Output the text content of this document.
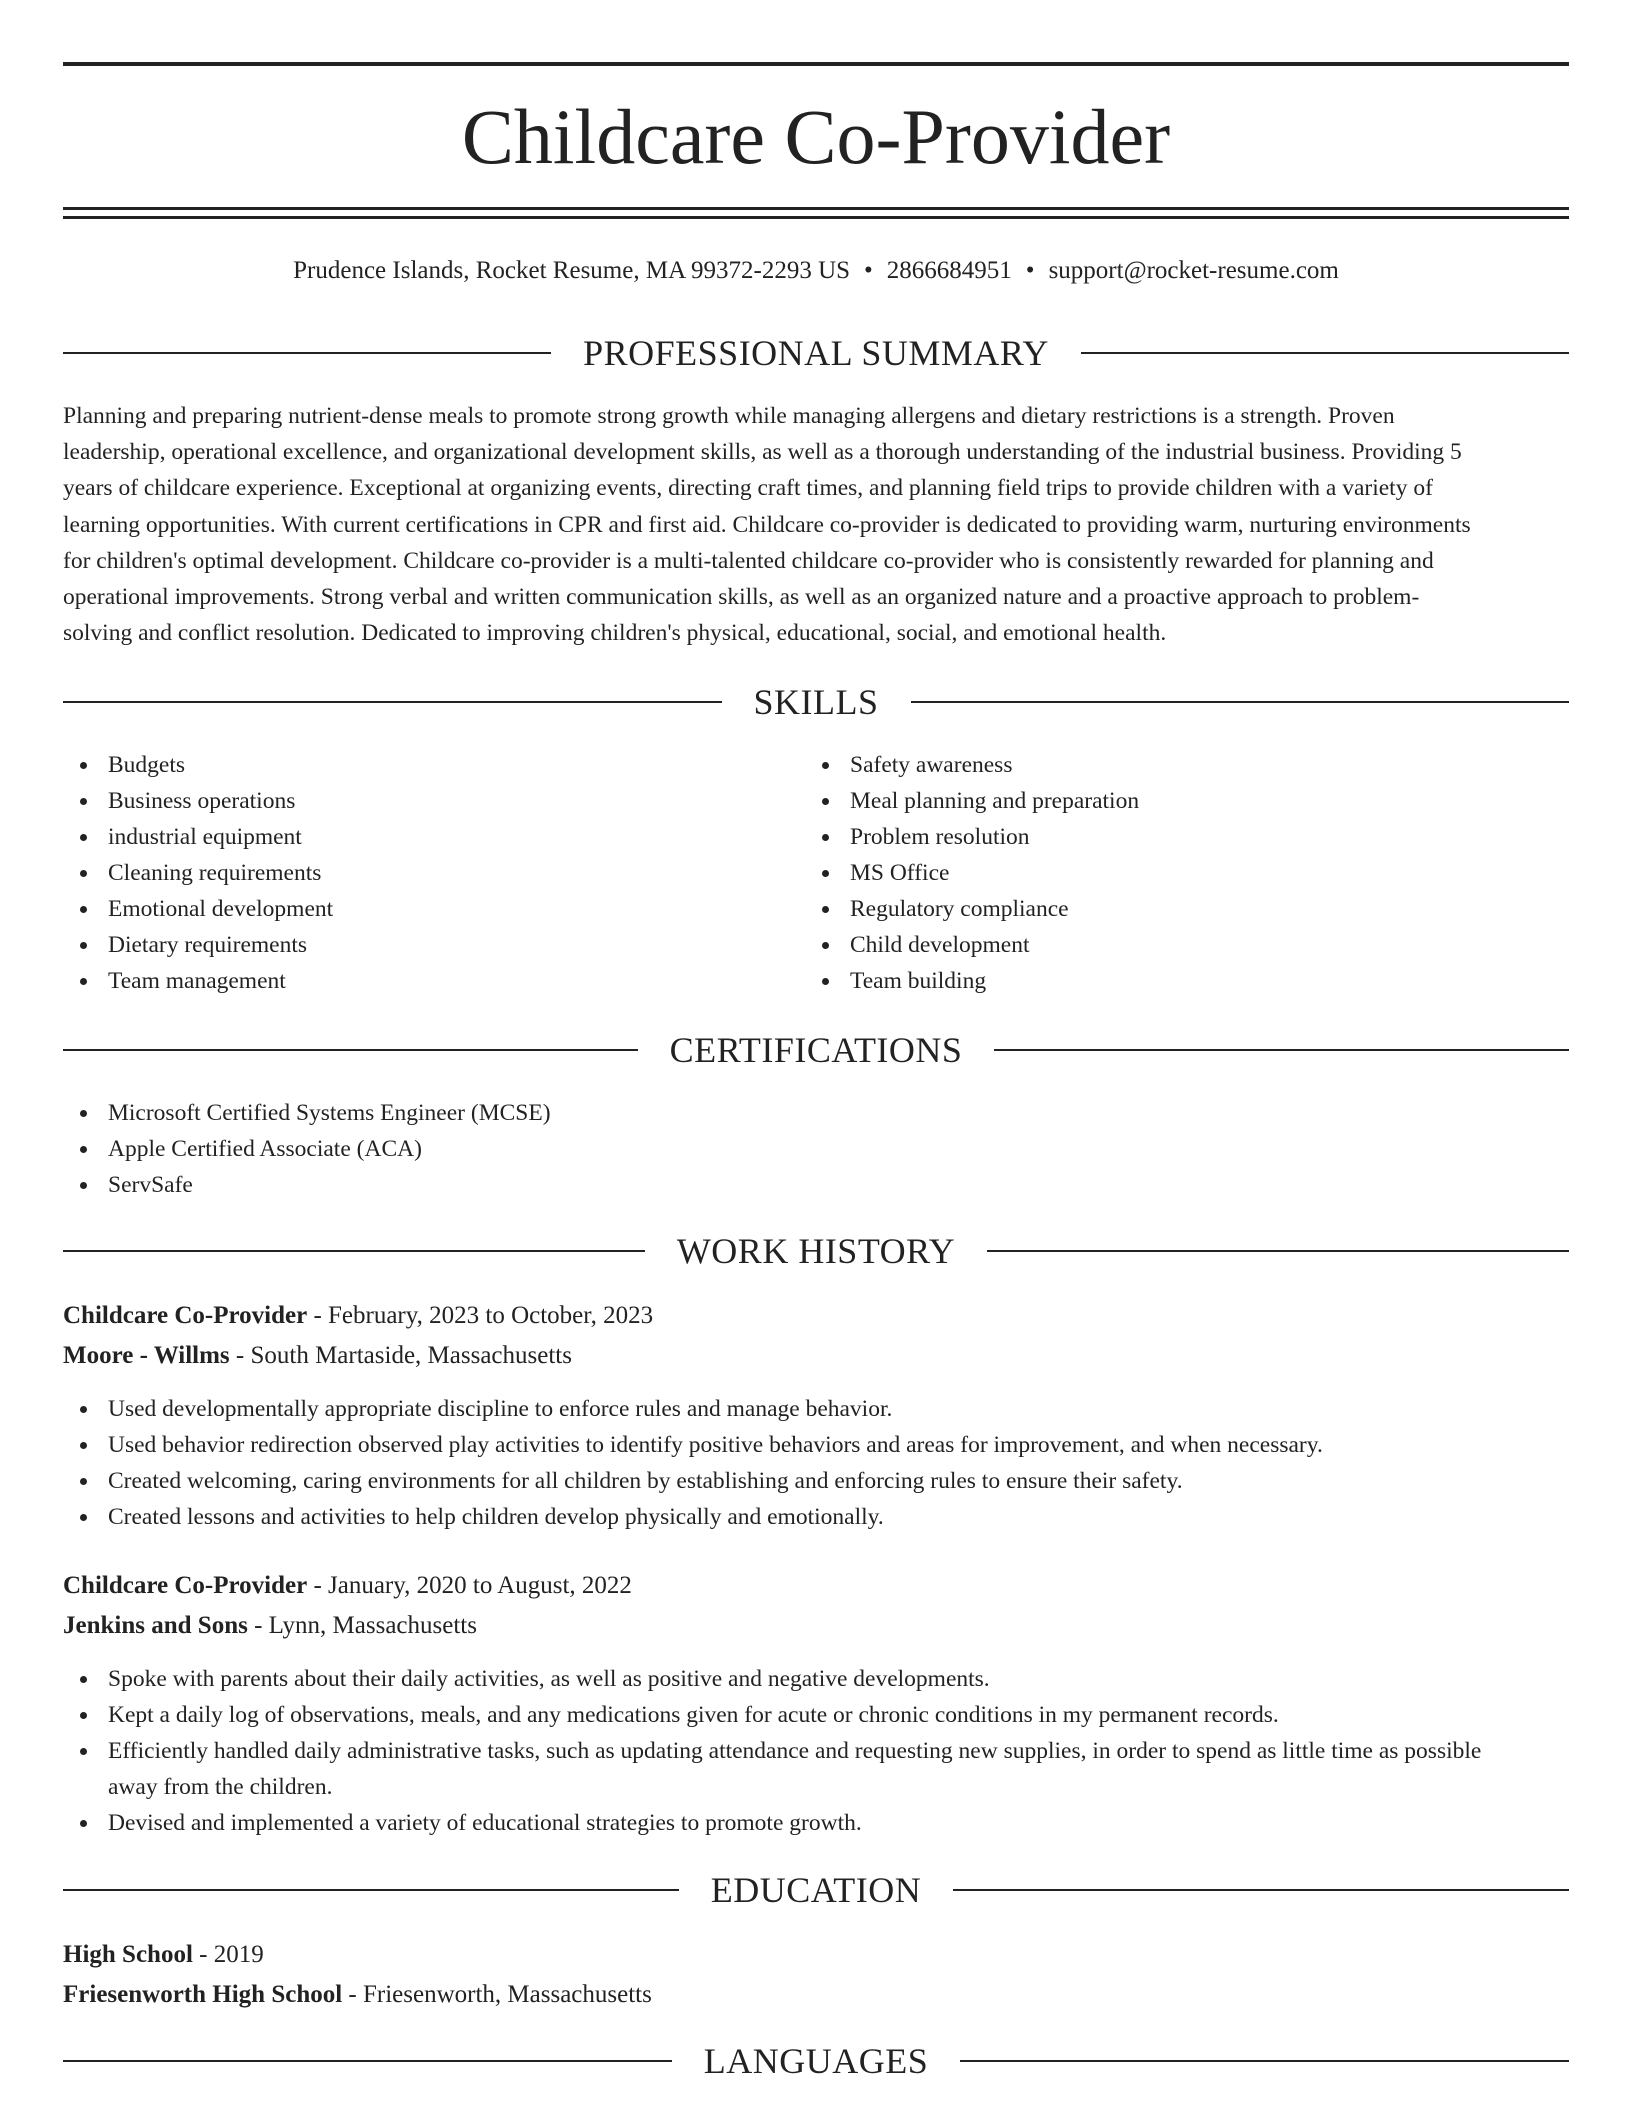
Childcare Co-Provider
Prudence Islands, Rocket Resume, MA 99372-2293 US • 2866684951 • support@rocket-resume.com
PROFESSIONAL SUMMARY
Planning and preparing nutrient-dense meals to promote strong growth while managing allergens and dietary restrictions is a strength. Proven
leadership, operational excellence, and organizational development skills, as well as a thorough understanding of the industrial business. Providing 5
years of childcare experience. Exceptional at organizing events, directing craft times, and planning field trips to provide children with a variety of
learning opportunities. With current certifications in CPR and first aid. Childcare co-provider is dedicated to providing warm, nurturing environments
for children's optimal development. Childcare co-provider is a multi-talented childcare co-provider who is consistently rewarded for planning and
operational improvements. Strong verbal and written communication skills, as well as an organized nature and a proactive approach to problem-
solving and conflict resolution. Dedicated to improving children's physical, educational, social, and emotional health.
SKILLS
Budgets
Business operations
industrial equipment
Cleaning requirements
Emotional development
Dietary requirements
Team management
Safety awareness
Meal planning and preparation
Problem resolution
MS Office
Regulatory compliance
Child development
Team building
CERTIFICATIONS
Microsoft Certified Systems Engineer (MCSE)
Apple Certified Associate (ACA)
ServSafe
WORK HISTORY
Childcare Co-Provider - February, 2023 to October, 2023
Moore - Willms - South Martaside, Massachusetts
Used developmentally appropriate discipline to enforce rules and manage behavior.
Used behavior redirection observed play activities to identify positive behaviors and areas for improvement, and when necessary.
Created welcoming, caring environments for all children by establishing and enforcing rules to ensure their safety.
Created lessons and activities to help children develop physically and emotionally.
Childcare Co-Provider - January, 2020 to August, 2022
Jenkins and Sons - Lynn, Massachusetts
Spoke with parents about their daily activities, as well as positive and negative developments.
Kept a daily log of observations, meals, and any medications given for acute or chronic conditions in my permanent records.
Efficiently handled daily administrative tasks, such as updating attendance and requesting new supplies, in order to spend as little time as possible away from the children.
Devised and implemented a variety of educational strategies to promote growth.
EDUCATION
High School - 2019
Friesenworth High School - Friesenworth, Massachusetts
LANGUAGES
